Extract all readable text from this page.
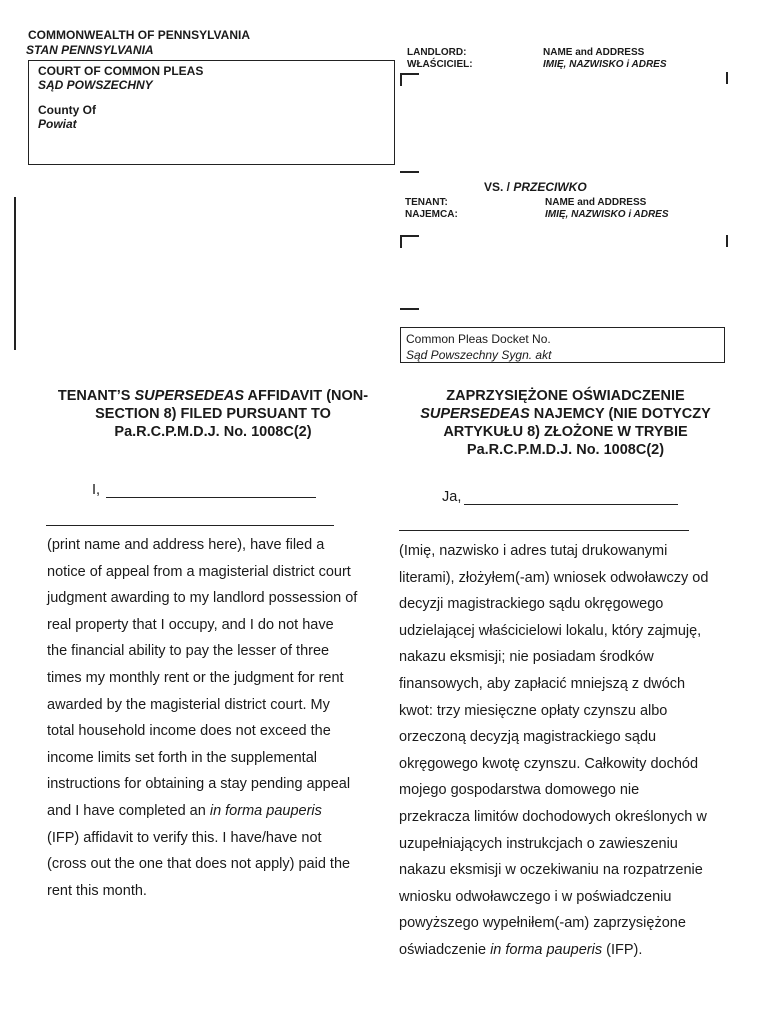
COMMONWEALTH OF PENNSYLVANIA
STAN PENNSYLVANIA
COURT OF COMMON PLEAS
SĄD POWSZECHNY
County Of
Powiat
LANDLORD:
WŁAŚCICIEL:
NAME and ADDRESS
IMIĘ, NAZWISKO i ADRES
VS. / PRZECIWKO
TENANT:
NAJEMCA:
NAME and ADDRESS
IMIĘ, NAZWISKO i ADRES
Common Pleas Docket No.
Sąd Powszechny Sygn. akt
TENANT’S SUPERSEDEAS AFFIDAVIT (NON-
SECTION 8) FILED PURSUANT TO
Pa.R.C.P.M.D.J. No. 1008C(2)
ZAPRZYSIĘŻONE OŚWIADCZENIE
SUPERSEDEAS NAJEMCY (NIE DOTYCZY
ARTYKUŁU 8) ZŁOŻONE W TRYBIE
Pa.R.C.P.M.D.J. No. 1008C(2)
I,
(print name and address here), have filed a
notice of appeal from a magisterial district court
judgment awarding to my landlord possession of
real property that I occupy, and I do not have
the financial ability to pay the lesser of three
times my monthly rent or the judgment for rent
awarded by the magisterial district court. My
total household income does not exceed the
income limits set forth in the supplemental
instructions for obtaining a stay pending appeal
and I have completed an in forma pauperis
(IFP) affidavit to verify this. I have/have not
(cross out the one that does not apply) paid the
rent this month.
Ja,
(Imię, nazwisko i adres tutaj drukowanymi
literami), złożyłem(-am) wniosek odwoławczy od
decyzji magistrackiego sądu okręgowego
udzielającej właścicielowi lokalu, który zajmuję,
nakazu eksmisji; nie posiadam środków
finansowych, aby zapłacić mniejszą z dwóch
kwot: trzy miesięczne opłaty czynszu albo
orzeczoną decyzją magistrackiego sądu
okręgowego kwotę czynszu. Całkowity dochód
mojego gospodarstwa domowego nie
przekracza limitów dochodowych określonych w
uzupełniających instrukcjach o zawieszeniu
nakazu eksmisji w oczekiwaniu na rozpatrzenie
wniosku odwoławczego i w poświadczeniu
powyższego wypełniłem(-am) zaprzysiężone
oświadczenie in forma pauperis (IFP).
